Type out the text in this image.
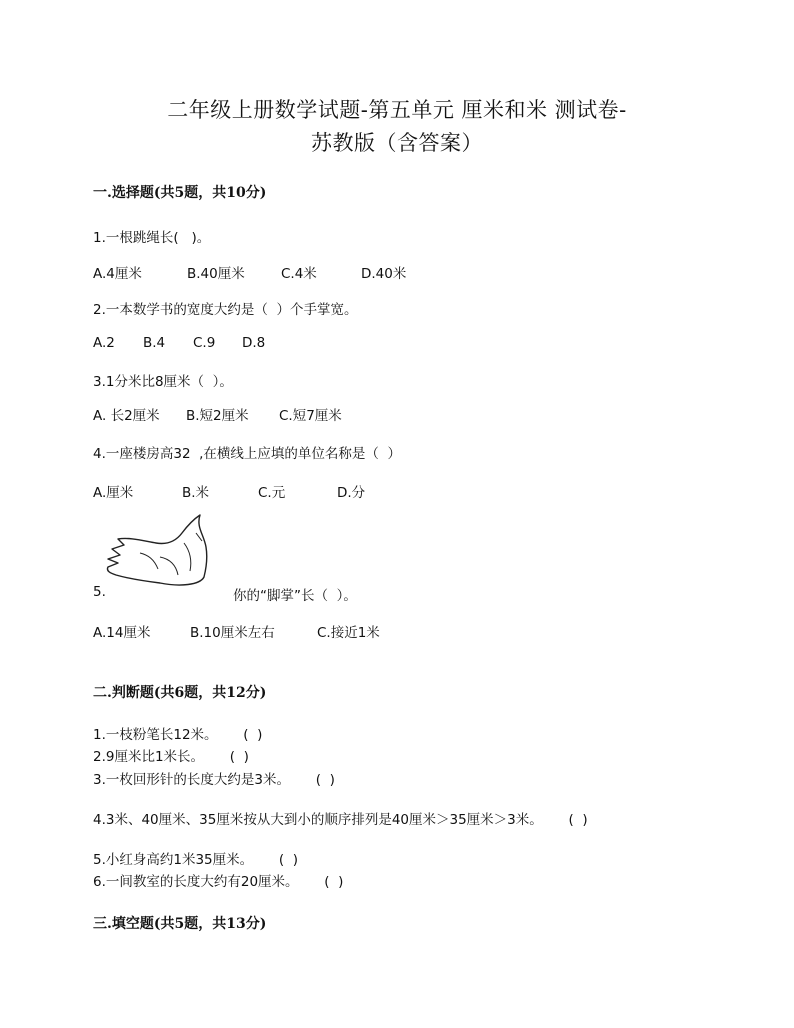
二年级上册数学试题-第五单元 厘米和米 测试卷-
苏教版（含答案）
一.选择题(共5题，共10分)
1.一根跳绳长(   )。
A.4厘米	B.40厘米	C.4米	D.40米
2.一本数学书的宽度大约是（  ）个手掌宽。
A.2 B.4 C.9 D.8
3.1分米比8厘米（  ）。
A. 长2厘米 B.短2厘米 C.短7厘米
4.一座楼房高32  ,在横线上应填的单位名称是（  ）
A.厘米	B.米	C.元	D.分
5.	你的“脚掌”长（  ）。
A.14厘米	B.10厘米左右	C.接近1米
二.判断题(共6题，共12分)
1.一枝粉笔长12米。      (  )
2.9厘米比1米长。      (  )
3.一枚回形针的长度大约是3米。      (  )
4.3米、40厘米、35厘米按从大到小的顺序排列是40厘米＞35厘米＞3米。      (  )
5.小红身高约1米35厘米。      (  )
6.一间教室的长度大约有20厘米。      (  )
三.填空题(共5题，共13分)
